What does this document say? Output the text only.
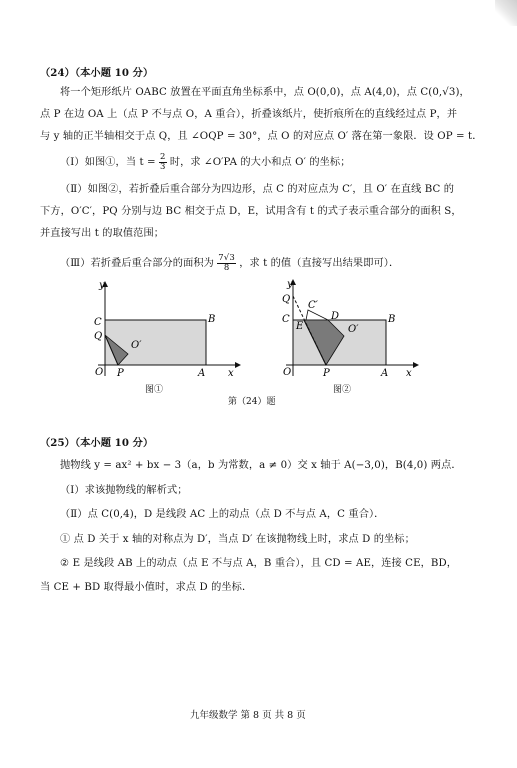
（24）（本小题 10 分）
将一个矩形纸片 OABC 放置在平面直角坐标系中，点 O(0,0)，点 A(4,0)，点 C(0,√3)，
点 P 在边 OA 上（点 P 不与点 O，A 重合），折叠该纸片，使折痕所在的直线经过点 P，并
与 y 轴的正半轴相交于点 Q，且 ∠OQP = 30°，点 O 的对应点 O′ 落在第一象限．设 OP = t．
（Ⅰ）如图①，当 $t = \frac{2}{3}$ 时，求 ∠O′PA 的大小和点 O′ 的坐标；
（Ⅱ）如图②，若折叠后重合部分为四边形，点 C 的对应点为 C′，且 O′ 在直线 BC 的
下方，O′C′，PQ 分别与边 BC 相交于点 D，E，试用含有 t 的式子表示重合部分的面积 S，
并直接写出 t 的取值范围；
（Ⅲ）若折叠后重合部分的面积为 $\frac{7√3}{8}$ ，求 t 的值（直接写出结果即可）．
y
C	B
Q
O′
O P	A x
y
Q
C′
C
E
D	B
O′
O	P	A x
图①	图②
第（24）题
（25）（本小题 10 分）
抛物线 y = ax² + bx − 3（a，b 为常数，a ≠ 0）交 x 轴于 A(−3,0)，B(4,0) 两点．
（Ⅰ）求该抛物线的解析式；
（Ⅱ）点 C(0,4)，D 是线段 AC 上的动点（点 D 不与点 A，C 重合）．
① 点 D 关于 x 轴的对称点为 D′，当点 D′ 在该抛物线上时，求点 D 的坐标；
② E 是线段 AB 上的动点（点 E 不与点 A，B 重合），且 CD = AE，连接 CE，BD，
当 CE + BD 取得最小值时，求点 D 的坐标．
九年级数学 第 8 页 共 8 页
